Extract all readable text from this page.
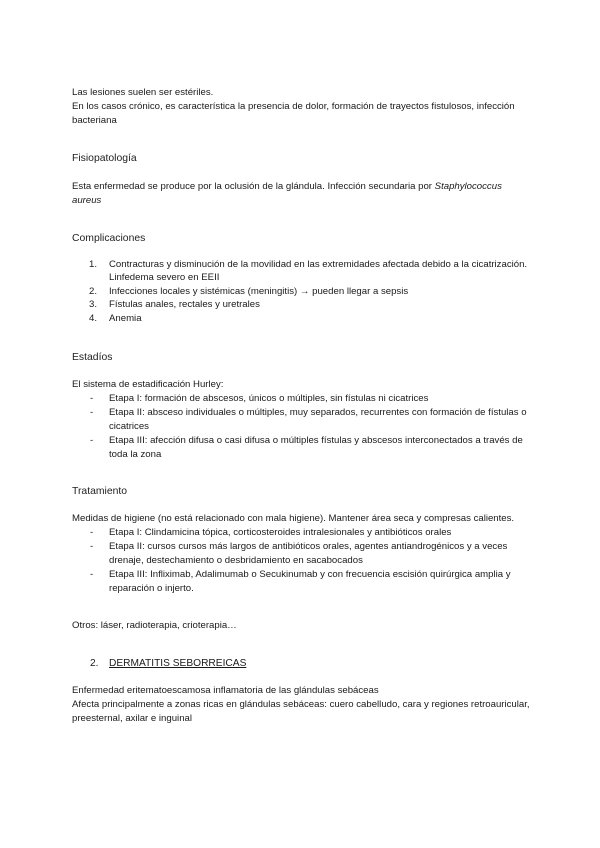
Las lesiones suelen ser estériles.

En los casos crónico, es característica la presencia de dolor, formación de trayectos fistulosos, infección bacteriana

Fisiopatología
Esta enfermedad se produce por la oclusión de la glándula. Infección secundaria por Staphylococcus aureus
Complicaciones
1. Contracturas y disminución de la movilidad en las extremidades afectada debido a la cicatrización. Linfedema severo en EEII
2. Infecciones locales y sistémicas (meningitis) → pueden llegar a sepsis
3. Fístulas anales, rectales y uretrales
4. Anemia
Estadíos

El sistema de estadificación Hurley:

- Etapa I: formación de abscesos, únicos o múltiples, sin fístulas ni cicatrices
- Etapa II: absceso individuales o múltiples, muy separados, recurrentes con formación de fístulas o cicatrices
- Etapa III: afección difusa o casi difusa o múltiples fístulas y abscesos interconectados a través de toda la zona
Tratamiento

Medidas de higiene (no está relacionado con mala higiene). Mantener área seca y compresas calientes.

- Etapa I: Clindamicina tópica, corticosteroides intralesionales y antibióticos orales
- Etapa II: cursos cursos más largos de antibióticos orales, agentes antiandrogénicos y a veces drenaje, destechamiento o desbridamiento en sacabocados
- Etapa III: Infliximab, Adalimumab o Secukinumab y con frecuencia escisión quirúrgica amplia y reparación o injerto.
Otros: láser, radioterapia, crioterapia…
2. DERMATITIS SEBORREICAS

Enfermedad eritematoescamosa inflamatoria de las glándulas sebáceas

Afecta principalmente a zonas ricas en glándulas sebáceas: cuero cabelludo, cara y regiones retroauricular, preesternal, axilar e inguinal
